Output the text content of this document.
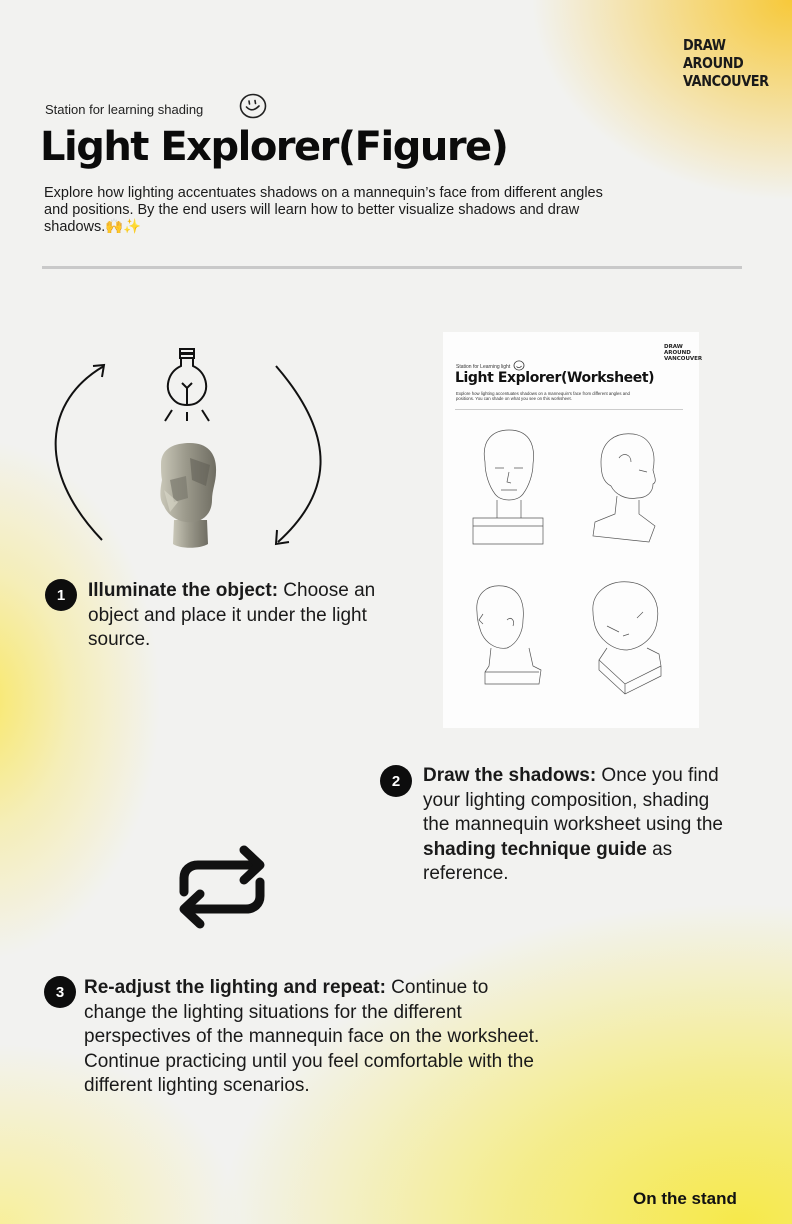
DRAW
AROUND
VANCOUVER
Station for learning shading
Light Explorer(Figure)
Explore how lighting accentuates shadows on a mannequin’s face from different angles and positions. By the end users will learn how to better visualize shadows and draw shadows.🙌✨
DRAW
AROUND
VANCOUVER
Station for Learning light
Light Explorer(Worksheet)
Explore how lighting accentuates shadows on a mannequin's face from different angles and positions. You can shade on what you see on this worksheet.
1	Illuminate the object: Choose an object and place it under the light source.
2	Draw the shadows: Once you find your lighting composition, shading the mannequin worksheet using the shading technique guide as reference.
3	Re-adjust the lighting and repeat: Continue to change the lighting situations for the different perspectives of the mannequin face on the worksheet. Continue practicing until you feel comfortable with the different lighting scenarios.
On the stand
